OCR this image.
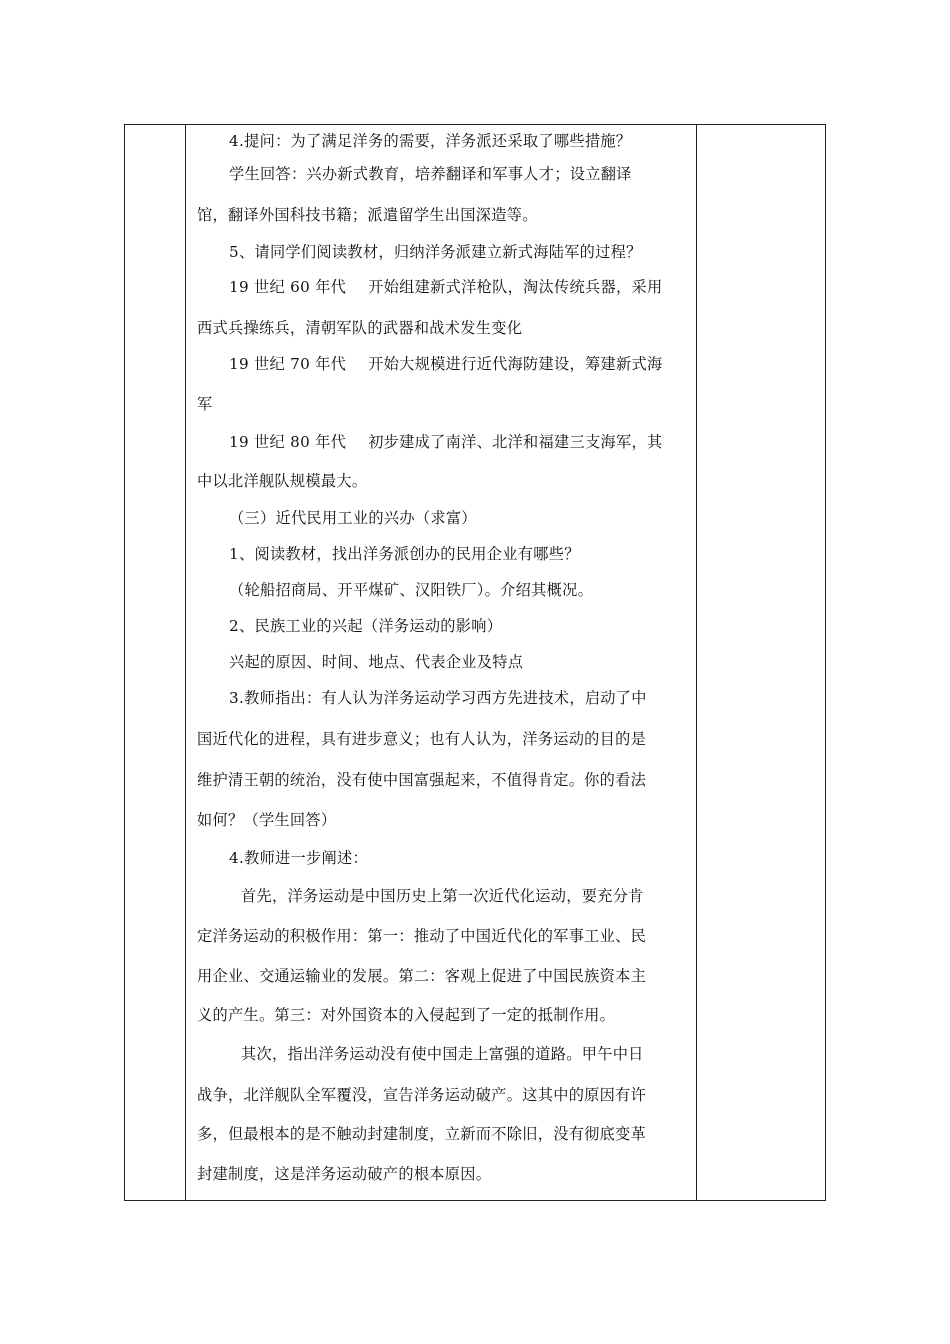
4.提问：为了满足洋务的需要，洋务派还采取了哪些措施？
学生回答：兴办新式教育，培养翻译和军事人才；设立翻译
馆，翻译外国科技书籍；派遣留学生出国深造等。
5、请同学们阅读教材，归纳洋务派建立新式海陆军的过程？
19 世纪 60 年代 开始组建新式洋枪队，淘汰传统兵器，采用
西式兵操练兵，清朝军队的武器和战术发生变化
19 世纪 70 年代 开始大规模进行近代海防建设，筹建新式海
军
19 世纪 80 年代 初步建成了南洋、北洋和福建三支海军，其
中以北洋舰队规模最大。
（三）近代民用工业的兴办（求富）
1、阅读教材，找出洋务派创办的民用企业有哪些？
（轮船招商局、开平煤矿、汉阳铁厂）。介绍其概况。
2、民族工业的兴起（洋务运动的影响）
兴起的原因、时间、地点、代表企业及特点
3.教师指出：有人认为洋务运动学习西方先进技术，启动了中
国近代化的进程，具有进步意义；也有人认为，洋务运动的目的是
维护清王朝的统治，没有使中国富强起来，不值得肯定。你的看法
如何？（学生回答）
4.教师进一步阐述：
首先，洋务运动是中国历史上第一次近代化运动，要充分肯
定洋务运动的积极作用：第一：推动了中国近代化的军事工业、民
用企业、交通运输业的发展。第二：客观上促进了中国民族资本主
义的产生。第三：对外国资本的入侵起到了一定的抵制作用。
其次，指出洋务运动没有使中国走上富强的道路。甲午中日
战争，北洋舰队全军覆没，宣告洋务运动破产。这其中的原因有许
多，但最根本的是不触动封建制度，立新而不除旧，没有彻底变革
封建制度，这是洋务运动破产的根本原因。
